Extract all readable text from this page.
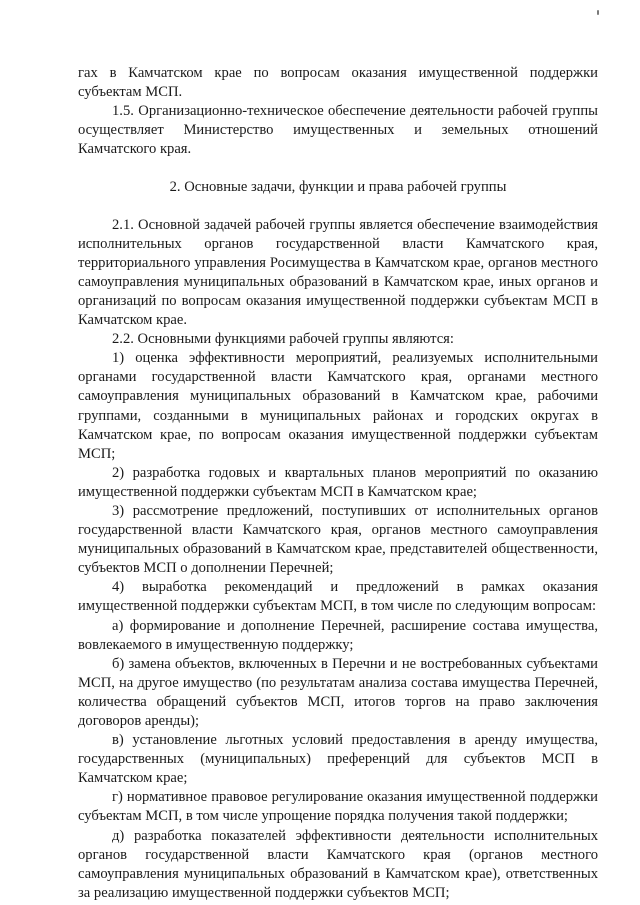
гах в Камчатском крае по вопросам оказания имущественной поддержки субъектам МСП.

1.5. Организационно-техническое обеспечение деятельности рабочей группы осуществляет Министерство имущественных и земельных отношений Камчатского края.

2. Основные задачи, функции и права рабочей группы

2.1. Основной задачей рабочей группы является обеспечение взаимодействия исполнительных органов государственной власти Камчатского края, территориального управления Росимущества в Камчатском крае, органов местного самоуправления муниципальных образований в Камчатском крае, иных органов и организаций по вопросам оказания имущественной поддержки субъектам МСП в Камчатском крае.

2.2. Основными функциями рабочей группы являются:

1) оценка эффективности мероприятий, реализуемых исполнительными органами государственной власти Камчатского края, органами местного самоуправления муниципальных образований в Камчатском крае, рабочими группами, созданными в муниципальных районах и городских округах в Камчатском крае, по вопросам оказания имущественной поддержки субъектам МСП;

2) разработка годовых и квартальных планов мероприятий по оказанию имущественной поддержки субъектам МСП в Камчатском крае;

3) рассмотрение предложений, поступивших от исполнительных органов государственной власти Камчатского края, органов местного самоуправления муниципальных образований в Камчатском крае, представителей общественности, субъектов МСП о дополнении Перечней;

4) выработка рекомендаций и предложений в рамках оказания имущественной поддержки субъектам МСП, в том числе по следующим вопросам:

а) формирование и дополнение Перечней, расширение состава имущества, вовлекаемого в имущественную поддержку;

б) замена объектов, включенных в Перечни и не востребованных субъектами МСП, на другое имущество (по результатам анализа состава имущества Перечней, количества обращений субъектов МСП, итогов торгов на право заключения договоров аренды);

в) установление льготных условий предоставления в аренду имущества, государственных (муниципальных) преференций для субъектов МСП в Камчатском крае;

г) нормативное правовое регулирование оказания имущественной поддержки субъектам МСП, в том числе упрощение порядка получения такой поддержки;

д) разработка показателей эффективности деятельности исполнительных органов государственной власти Камчатского края (органов местного самоуправления муниципальных образований в Камчатском крае), ответственных за реализацию имущественной поддержки субъектов МСП;
